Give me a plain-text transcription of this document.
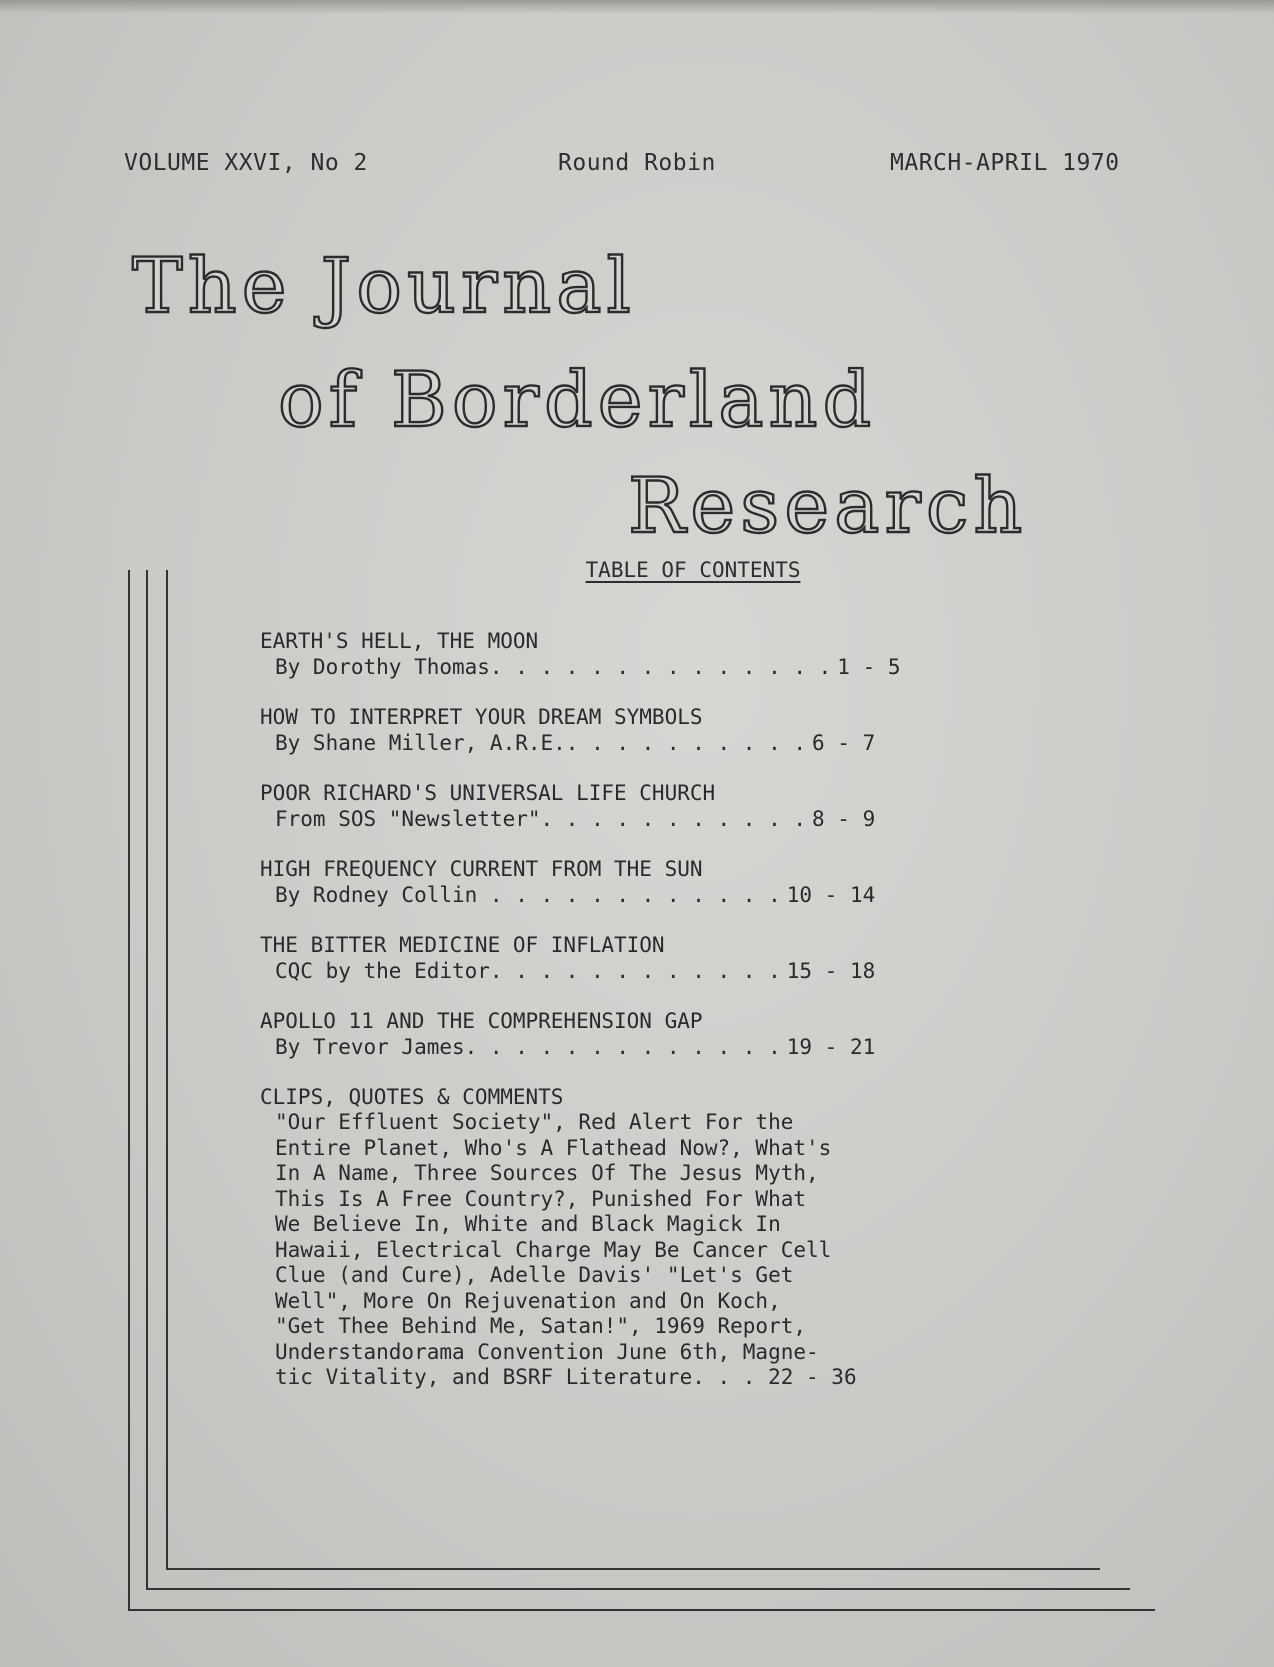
VOLUME XXVI, No 2	Round Robin	MARCH-APRIL 1970
The Journal
of Borderland
Research
TABLE OF CONTENTS
EARTH'S HELL, THE MOON
By Dorothy Thomas. . . . . . . . . . . . . . 1 - 5
HOW TO INTERPRET YOUR DREAM SYMBOLS
By Shane Miller, A.R.E.. . . . . . . . . . 6 - 7
POOR RICHARD'S UNIVERSAL LIFE CHURCH
From SOS "Newsletter". . . . . . . . . . . 8 - 9
HIGH FREQUENCY CURRENT FROM THE SUN
By Rodney Collin . . . . . . . . . . . . 10 - 14
THE BITTER MEDICINE OF INFLATION
CQC by the Editor. . . . . . . . . . . . 15 - 18
APOLLO 11 AND THE COMPREHENSION GAP
By Trevor James. . . . . . . . . . . . . 19 - 21
CLIPS, QUOTES & COMMENTS
"Our Effluent Society", Red Alert For the
Entire Planet, Who's A Flathead Now?, What's
In A Name, Three Sources Of The Jesus Myth,
This Is A Free Country?, Punished For What
We Believe In, White and Black Magick In
Hawaii, Electrical Charge May Be Cancer Cell
Clue (and Cure), Adelle Davis' "Let's Get
Well", More On Rejuvenation and On Koch,
"Get Thee Behind Me, Satan!", 1969 Report,
Understandorama Convention June 6th, Magne-
tic Vitality, and BSRF Literature. . . 22 - 36
